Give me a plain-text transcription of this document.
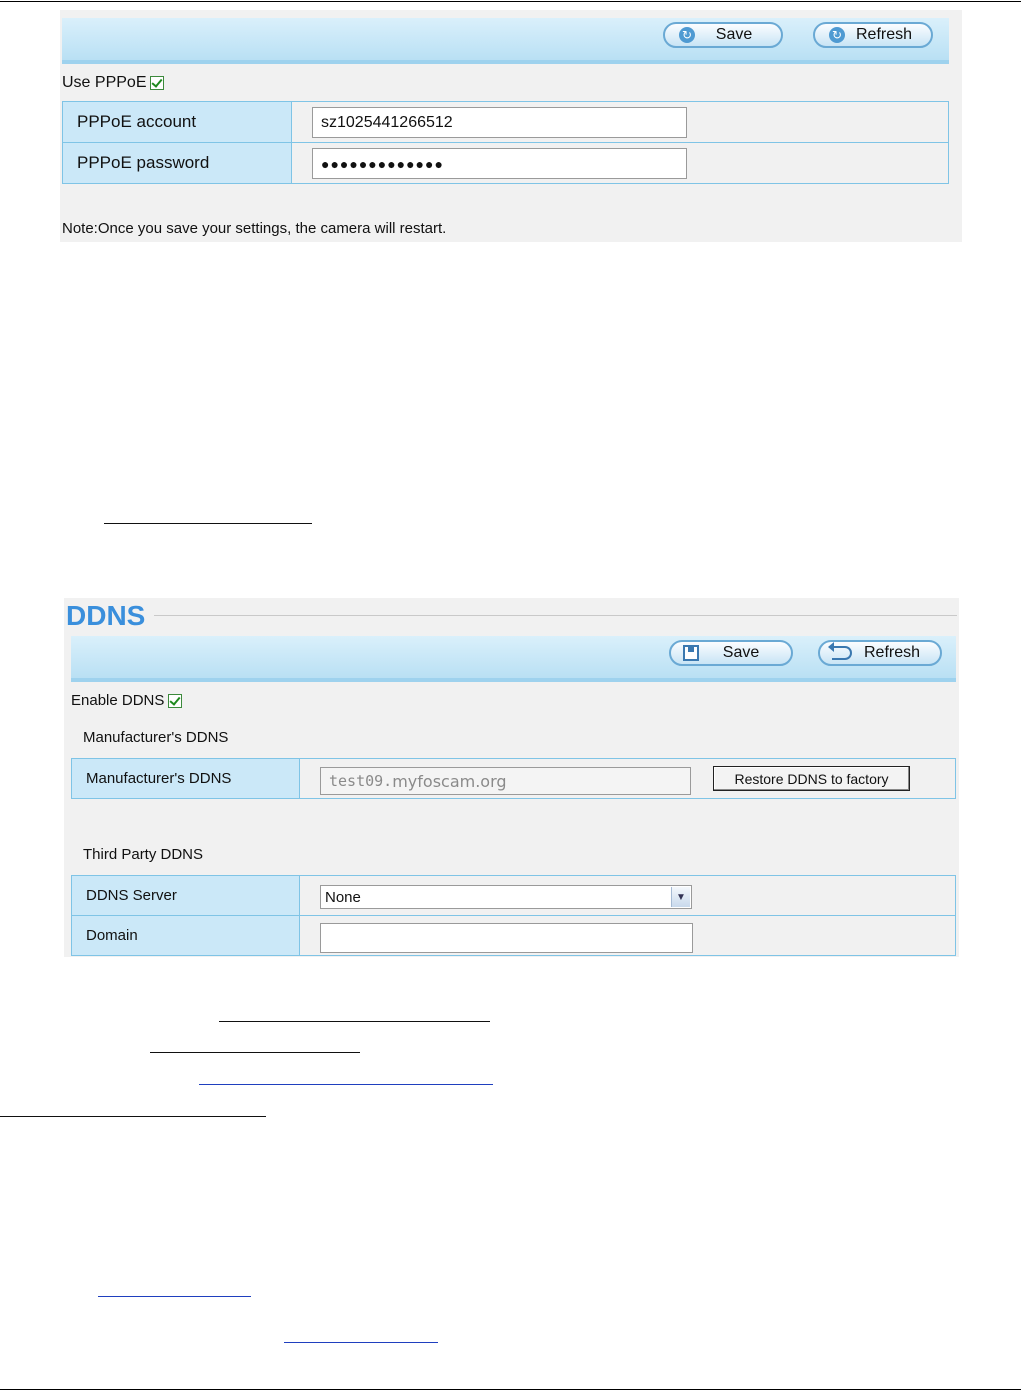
↻	Save	↻ Refresh
Use PPPoE
PPPoE account	sz1025441266512

PPPoE password	●●●●●●●●●●●●●
Note:Once you save your settings, the camera will restart.
DDNS
Save	Refresh
Enable DDNS
Manufacturer's DDNS
Manufacturer's DDNS	test09. myfoscam.org	Restore DDNS to factory
Third Party DDNS
DDNS Server	None ▼

Domain	
